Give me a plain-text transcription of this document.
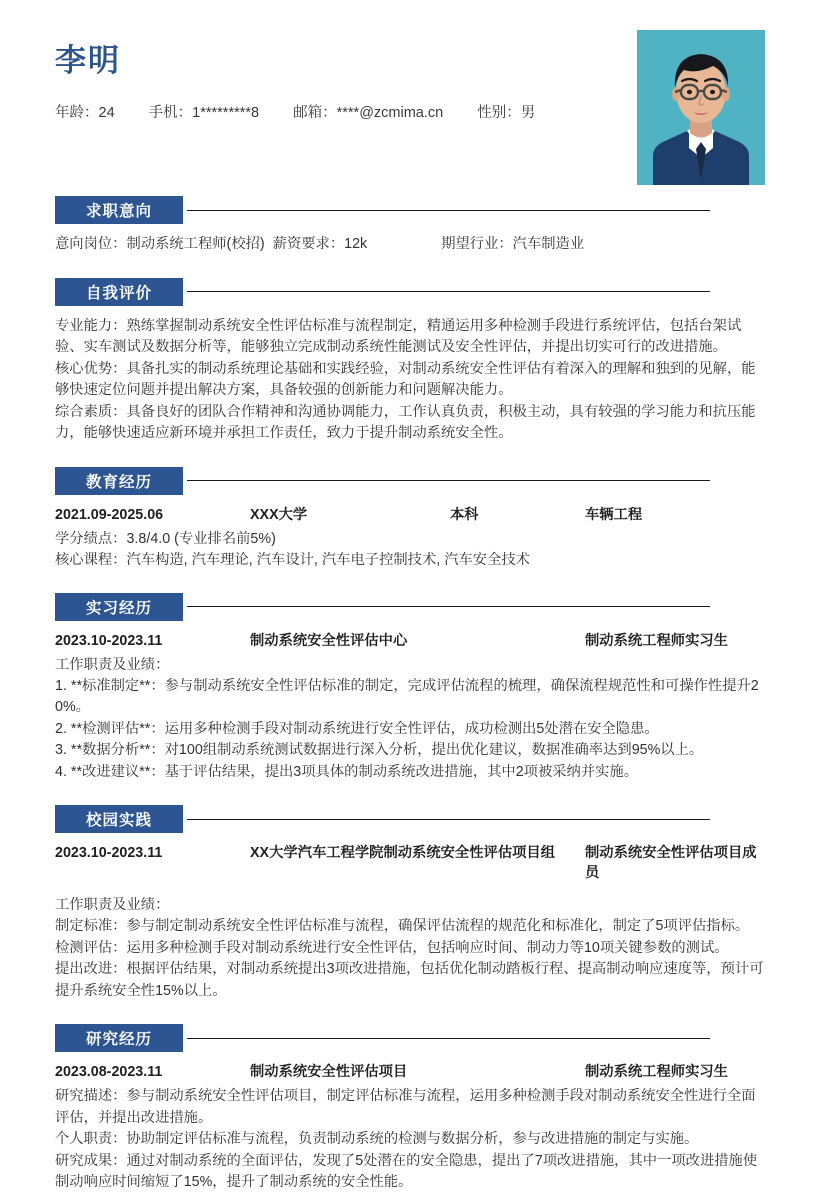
李明
年龄：24 手机：1*********8 邮箱：****@zcmima.cn 性别：男
求职意向
意向岗位：制动系统工程师(校招) 薪资要求：12k	期望行业：汽车制造业
自我评价

专业能力：熟练掌握制动系统安全性评估标准与流程制定，精通运用多种检测手段进行系统评估，包括台架试验、实车测试及数据分析等，能够独立完成制动系统性能测试及安全性评估，并提出切实可行的改进措施。

核心优势：具备扎实的制动系统理论基础和实践经验，对制动系统安全性评估有着深入的理解和独到的见解，能够快速定位问题并提出解决方案，具备较强的创新能力和问题解决能力。

综合素质：具备良好的团队合作精神和沟通协调能力，工作认真负责，积极主动，具有较强的学习能力和抗压能力，能够快速适应新环境并承担工作责任，致力于提升制动系统安全性。

教育经历
2021.09-2025.06	XXX大学	本科	车辆工程
学分绩点：3.8/4.0 (专业排名前5%)
核心课程：汽车构造, 汽车理论, 汽车设计, 汽车电子控制技术, 汽车安全技术
实习经历
2023.10-2023.11	制动系统安全性评估中心	制动系统工程师实习生
工作职责及业绩：

1. **标准制定**：参与制动系统安全性评估标准的制定，完成评估流程的梳理，确保流程规范性和可操作性提升20%。

2. **检测评估**：运用多种检测手段对制动系统进行安全性评估，成功检测出5处潜在安全隐患。

3. **数据分析**：对100组制动系统测试数据进行深入分析，提出优化建议，数据准确率达到95%以上。

4. **改进建议**：基于评估结果，提出3项具体的制动系统改进措施，其中2项被采纳并实施。

校园实践
2023.10-2023.11	XX大学汽车工程学院制动系统安全性评估项目组	制动系统安全性评估项目成员
工作职责及业绩：

制定标准：参与制定制动系统安全性评估标准与流程，确保评估流程的规范化和标准化，制定了5项评估指标。

检测评估：运用多种检测手段对制动系统进行安全性评估，包括响应时间、制动力等10项关键参数的测试。

提出改进：根据评估结果，对制动系统提出3项改进措施，包括优化制动踏板行程、提高制动响应速度等，预计可提升系统安全性15%以上。

研究经历
2023.08-2023.11	制动系统安全性评估项目	制动系统工程师实习生

研究描述：参与制动系统安全性评估项目，制定评估标准与流程，运用多种检测手段对制动系统安全性进行全面评估，并提出改进措施。

个人职责：协助制定评估标准与流程，负责制动系统的检测与数据分析，参与改进措施的制定与实施。

研究成果：通过对制动系统的全面评估，发现了5处潜在的安全隐患，提出了7项改进措施，其中一项改进措施使制动响应时间缩短了15%，提升了制动系统的安全性能。
